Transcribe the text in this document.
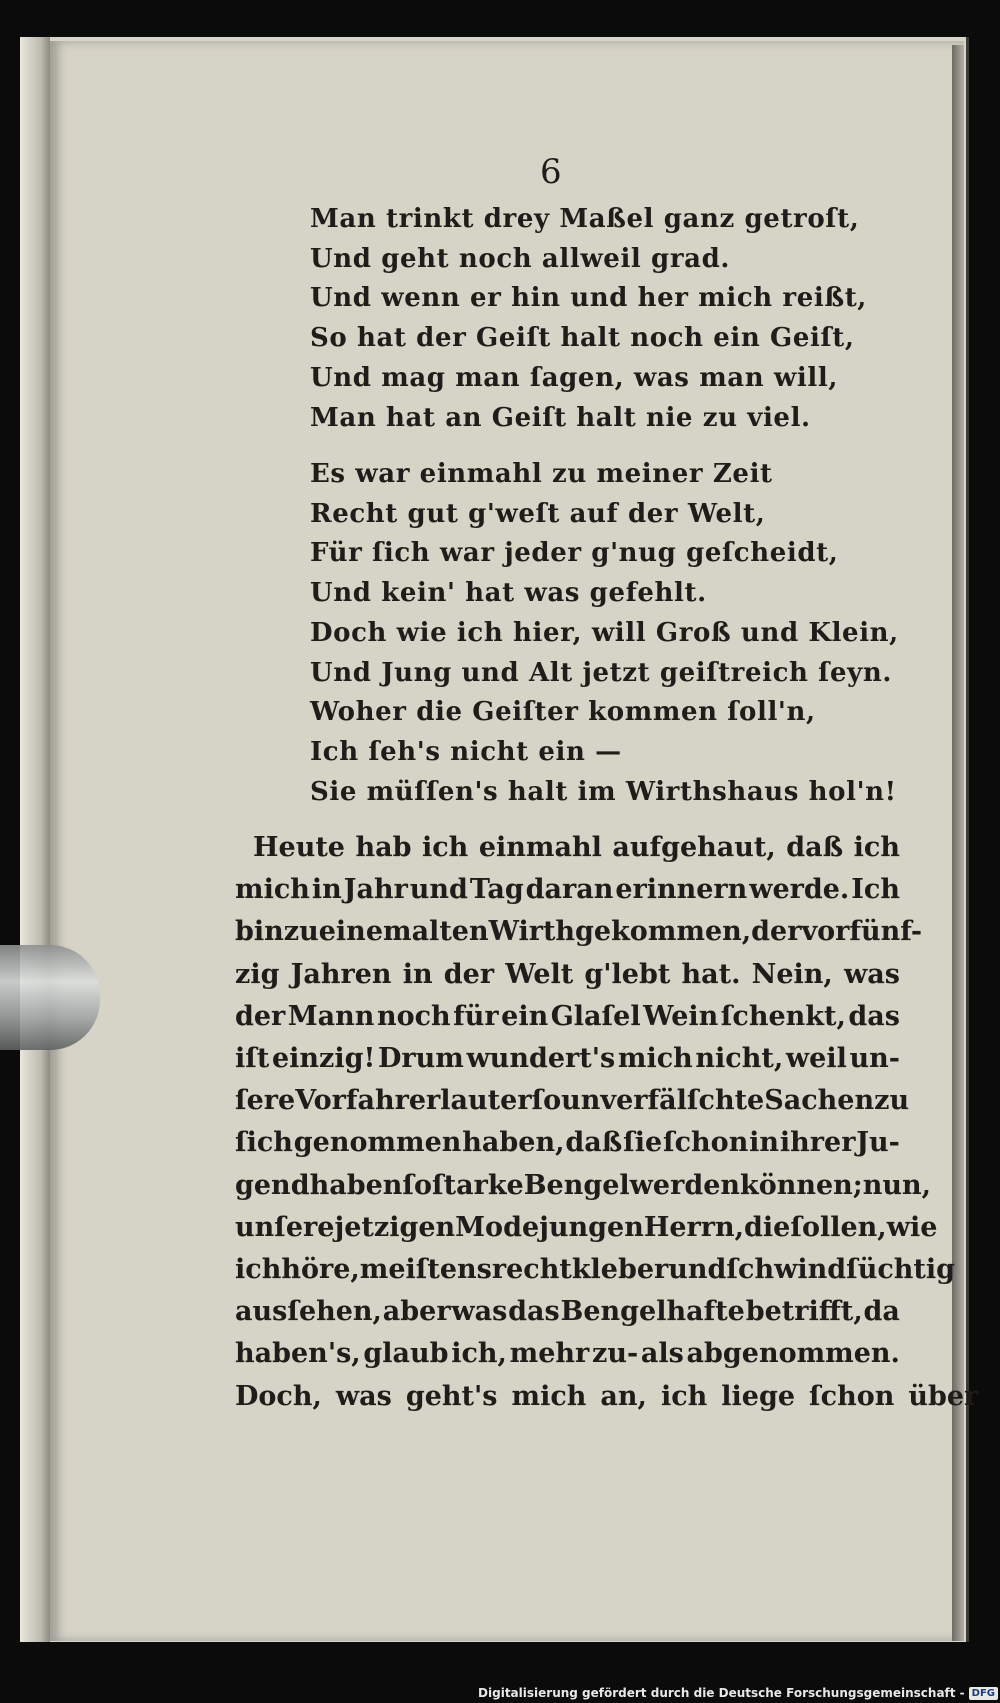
6
Man trinkt drey Maßel ganz getroſt,
Und geht noch allweil grad.
Und wenn er hin und her mich reißt,
So hat der Geiſt halt noch ein Geiſt,
Und mag man ſagen, was man will,
Man hat an Geiſt halt nie zu viel.
Es war einmahl zu meiner Zeit
Recht gut g'weſt auf der Welt,
Für ſich war jeder g'nug geſcheidt,
Und kein' hat was gefehlt.
Doch wie ich hier, will Groß und Klein,
Und Jung und Alt jetzt geiſtreich ſeyn.
Woher die Geiſter kommen ſoll'n,
Ich ſeh's nicht ein —
Sie müſſen's halt im Wirthshaus hol'n!
Heute hab ich einmahl aufgehaut, daß ich
mich in Jahr und Tag daran erinnern werde. Ich
bin zu einem alten Wirth gekommen, der vor fünf-
zig Jahren in der Welt g'lebt hat. Nein, was
der Mann noch für ein Glaſel Wein ſchenkt, das
iſt einzig! Drum wundert's mich nicht, weil un-
ſere Vorfahrer lauter ſo unverfälſchte Sachen zu
ſich genommen haben, daß ſie ſchon in ihrer Ju-
gend haben ſo ſtarke Bengel werden können; nun,
unſere jetzigen Mode jungen Herrn, die ſollen, wie
ich höre, meiſtens recht kleber und ſchwindſüchtig
ausſehen, aber was das Bengelhafte betrifft, da
haben's, glaub ich, mehr zu- als abgenommen.
Doch, was geht's mich an, ich liege ſchon über
Digitalisierung gefördert durch die Deutsche Forschungsgemeinschaft - DFG
